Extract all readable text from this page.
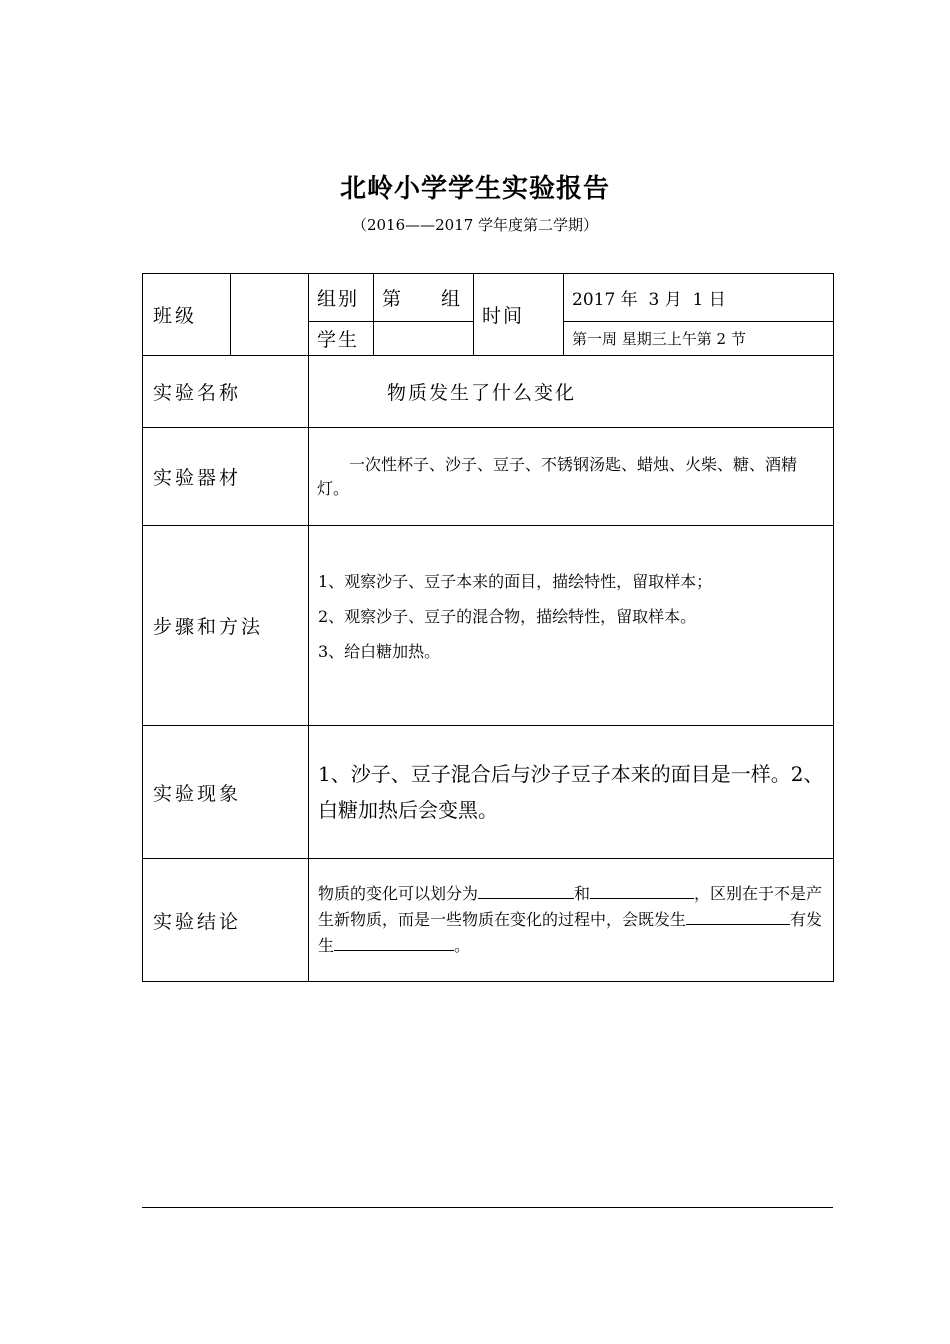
北岭小学学生实验报告
（2016——2017 学年度第二学期）
班级		组别	第 组	时间	2017 年  3 月  1 日
		学生			第一周 星期三上午第 2 节
实验名称		物质发生了什么变化			
实验器材		一次性杯子、沙子、豆子、不锈钢汤匙、蜡烛、火柴、糖、酒精灯。			
步骤和方法		1、观察沙子、豆子本来的面目，描绘特性，留取样本；
2、观察沙子、豆子的混合物，描绘特性，留取样本。
3、给白糖加热。			

实验现象		1、沙子、豆子混合后与沙子豆子本来的面目是一样。2、白糖加热后会变黑。			
实验结论		物质的变化可以划分为 和 ，区别在于不是产生新物质，而是一些物质在变化的过程中，会既发生 有发生 。			
